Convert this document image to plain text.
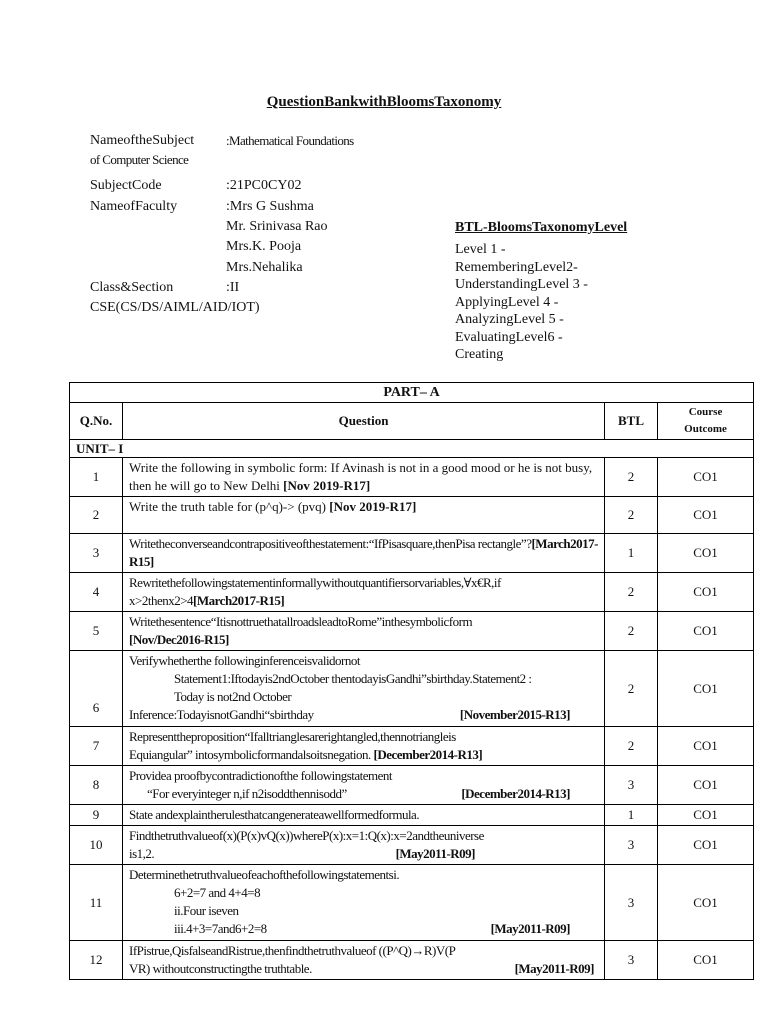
QuestionBankwithBloomsTaxonomy
NameoftheSubject
of Computer Science
:Mathematical Foundations
SubjectCode	:21PC0CY02
NameofFaculty	:Mrs G Sushma
Mr. Srinivasa Rao
Mrs.K. Pooja
Mrs.Nehalika
Class&Section	:II
CSE(CS/DS/AIML/AID/IOT)
BTL-BloomsTaxonomyLevel
Level 1 -
RememberingLevel2-
UnderstandingLevel 3 -
ApplyingLevel 4 -
AnalyzingLevel 5 -
EvaluatingLevel6 -
Creating
PART– A			
Q.No.	Question	BTL	Course
Outcome

UNIT– I			
1	Write the following in symbolic form: If Avinash is not in a good mood or he is not busy, then he will go to New Delhi [Nov 2019-R17]	2	CO1
2	Write the truth table for (p^q)-> (pvq) [Nov 2019-R17]	2	CO1
3	Writetheconverseandcontrapositiveofthestatement:“IfPisasquare,thenPisa rectangle”?[March2017-R15]	1	CO1
4	Rewritethefollowingstatementinformallywithoutquantifiersorvariables,∀x€R,if x>2thenx2>4[March2017-R15]	2	CO1
5	Writethesentence“ItisnottruethatallroadsleadtoRome”inthesymbolicform
[Nov/Dec2016-R15]	2	CO1
6	Verifywhetherthe followinginferenceisvalidornot
Statement1:Iftodayis2ndOctober thentodayisGandhi”sbirthday.Statement2 :
Today is not2nd October
Inference:TodayisnotGandhi“sbirthday [November2015-R13]	2	CO1
7	Representtheproposition“Ifalltrianglesarerightangled,thennotriangleis
Equiangular” intosymbolicformandalsoitsnegation. [December2014-R13]	2	CO1
8	Providea proofbycontradictionofthe followingstatement
“For everyinteger n,if n2isoddthennisodd” [December2014-R13]	3	CO1
9	State andexplaintherulesthatcangenerateawellformedformula.	1	CO1
10	Findthetruthvalueof(x)(P(x)vQ(x))whereP(x):x=1:Q(x):x=2andtheuniverse
is1,2. [May2011-R09]	3	CO1
11	Determinethetruthvalueofeachofthefollowingstatementsi.
6+2=7 and 4+4=8
ii.Four iseven
iii.4+3=7and6+2=8 [May2011-R09]	3	CO1
12	IfPistrue,QisfalseandRistrue,thenfindthetruthvalueof ((P^Q)→R)V(P
VR) withoutconstructingthe truthtable. [May2011-R09]	3	CO1
